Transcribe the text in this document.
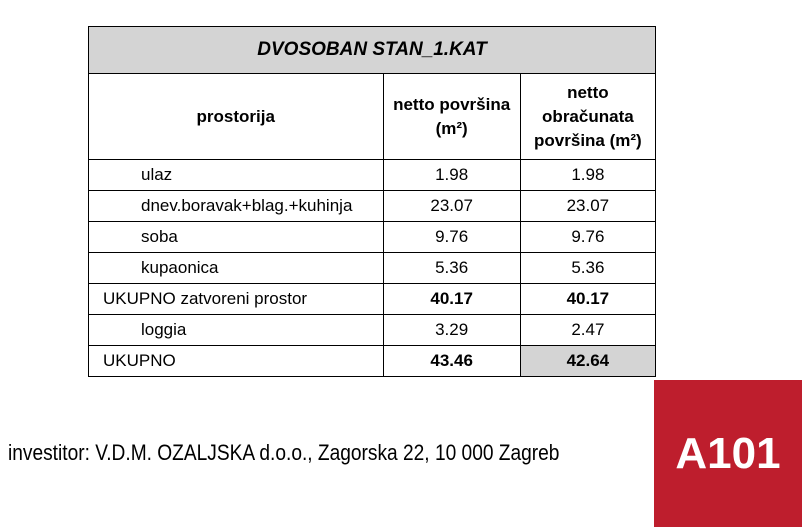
DVOSOBAN STAN_1.KAT		
prostorija	netto površina (m²)	netto obračunata površina (m²)
ulaz	1.98	1.98
dnev.boravak+blag.+kuhinja	23.07	23.07
soba	9.76	9.76
kupaonica	5.36	5.36
UKUPNO zatvoreni prostor	40.17	40.17
loggia	3.29	2.47
UKUPNO	43.46	42.64
investitor: V.D.M. OZALJSKA d.o.o., Zagorska 22, 10 000 Zagreb	A101
